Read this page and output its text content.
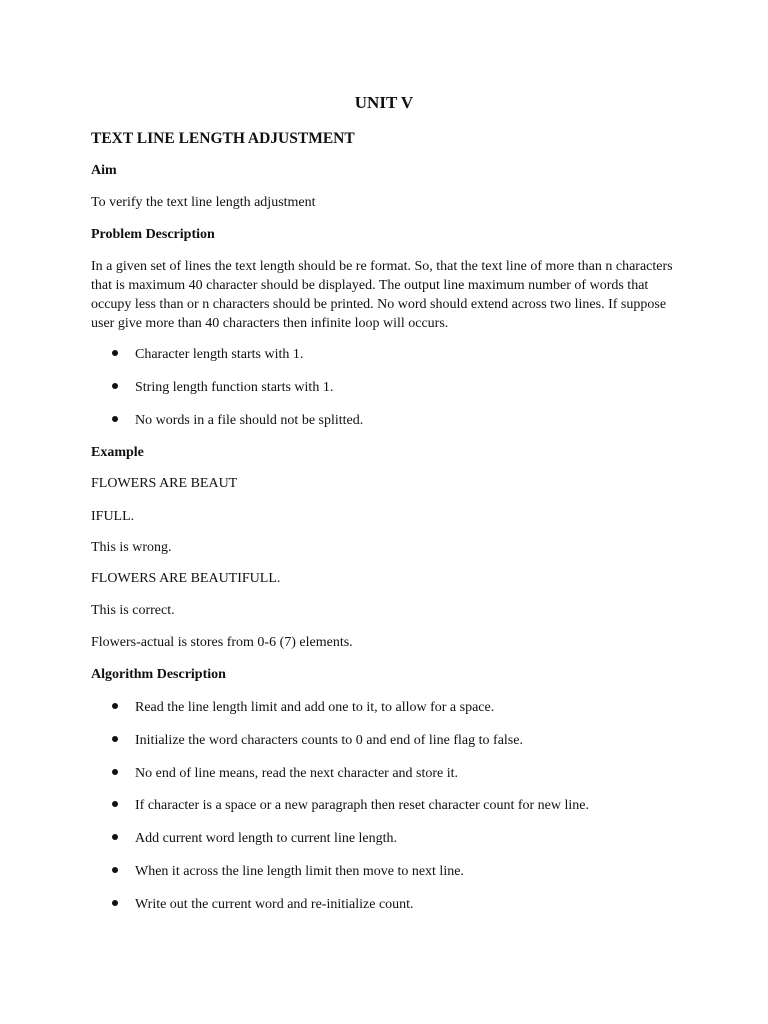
UNIT V
TEXT LINE LENGTH ADJUSTMENT
Aim
To verify the text line length adjustment
Problem Description
In a given set of lines the text length should be re format. So, that the text line of more than n characters
that is maximum 40 character should be displayed. The output line maximum number of words that
occupy less than or n characters should be printed. No word should extend across two lines. If suppose
user give more than 40 characters then infinite loop will occurs.
Character length starts with 1.
String length function starts with 1.
No words in a file should not be splitted.
Example
FLOWERS ARE BEAUT
IFULL.
This is wrong.
FLOWERS ARE BEAUTIFULL.
This is correct.
Flowers-actual is stores from 0-6 (7) elements.
Algorithm Description
Read the line length limit and add one to it, to allow for a space.
Initialize the word characters counts to 0 and end of line flag to false.
No end of line means, read the next character and store it.
If character is a space or a new paragraph then reset character count for new line.
Add current word length to current line length.
When it across the line length limit then move to next line.
Write out the current word and re-initialize count.
